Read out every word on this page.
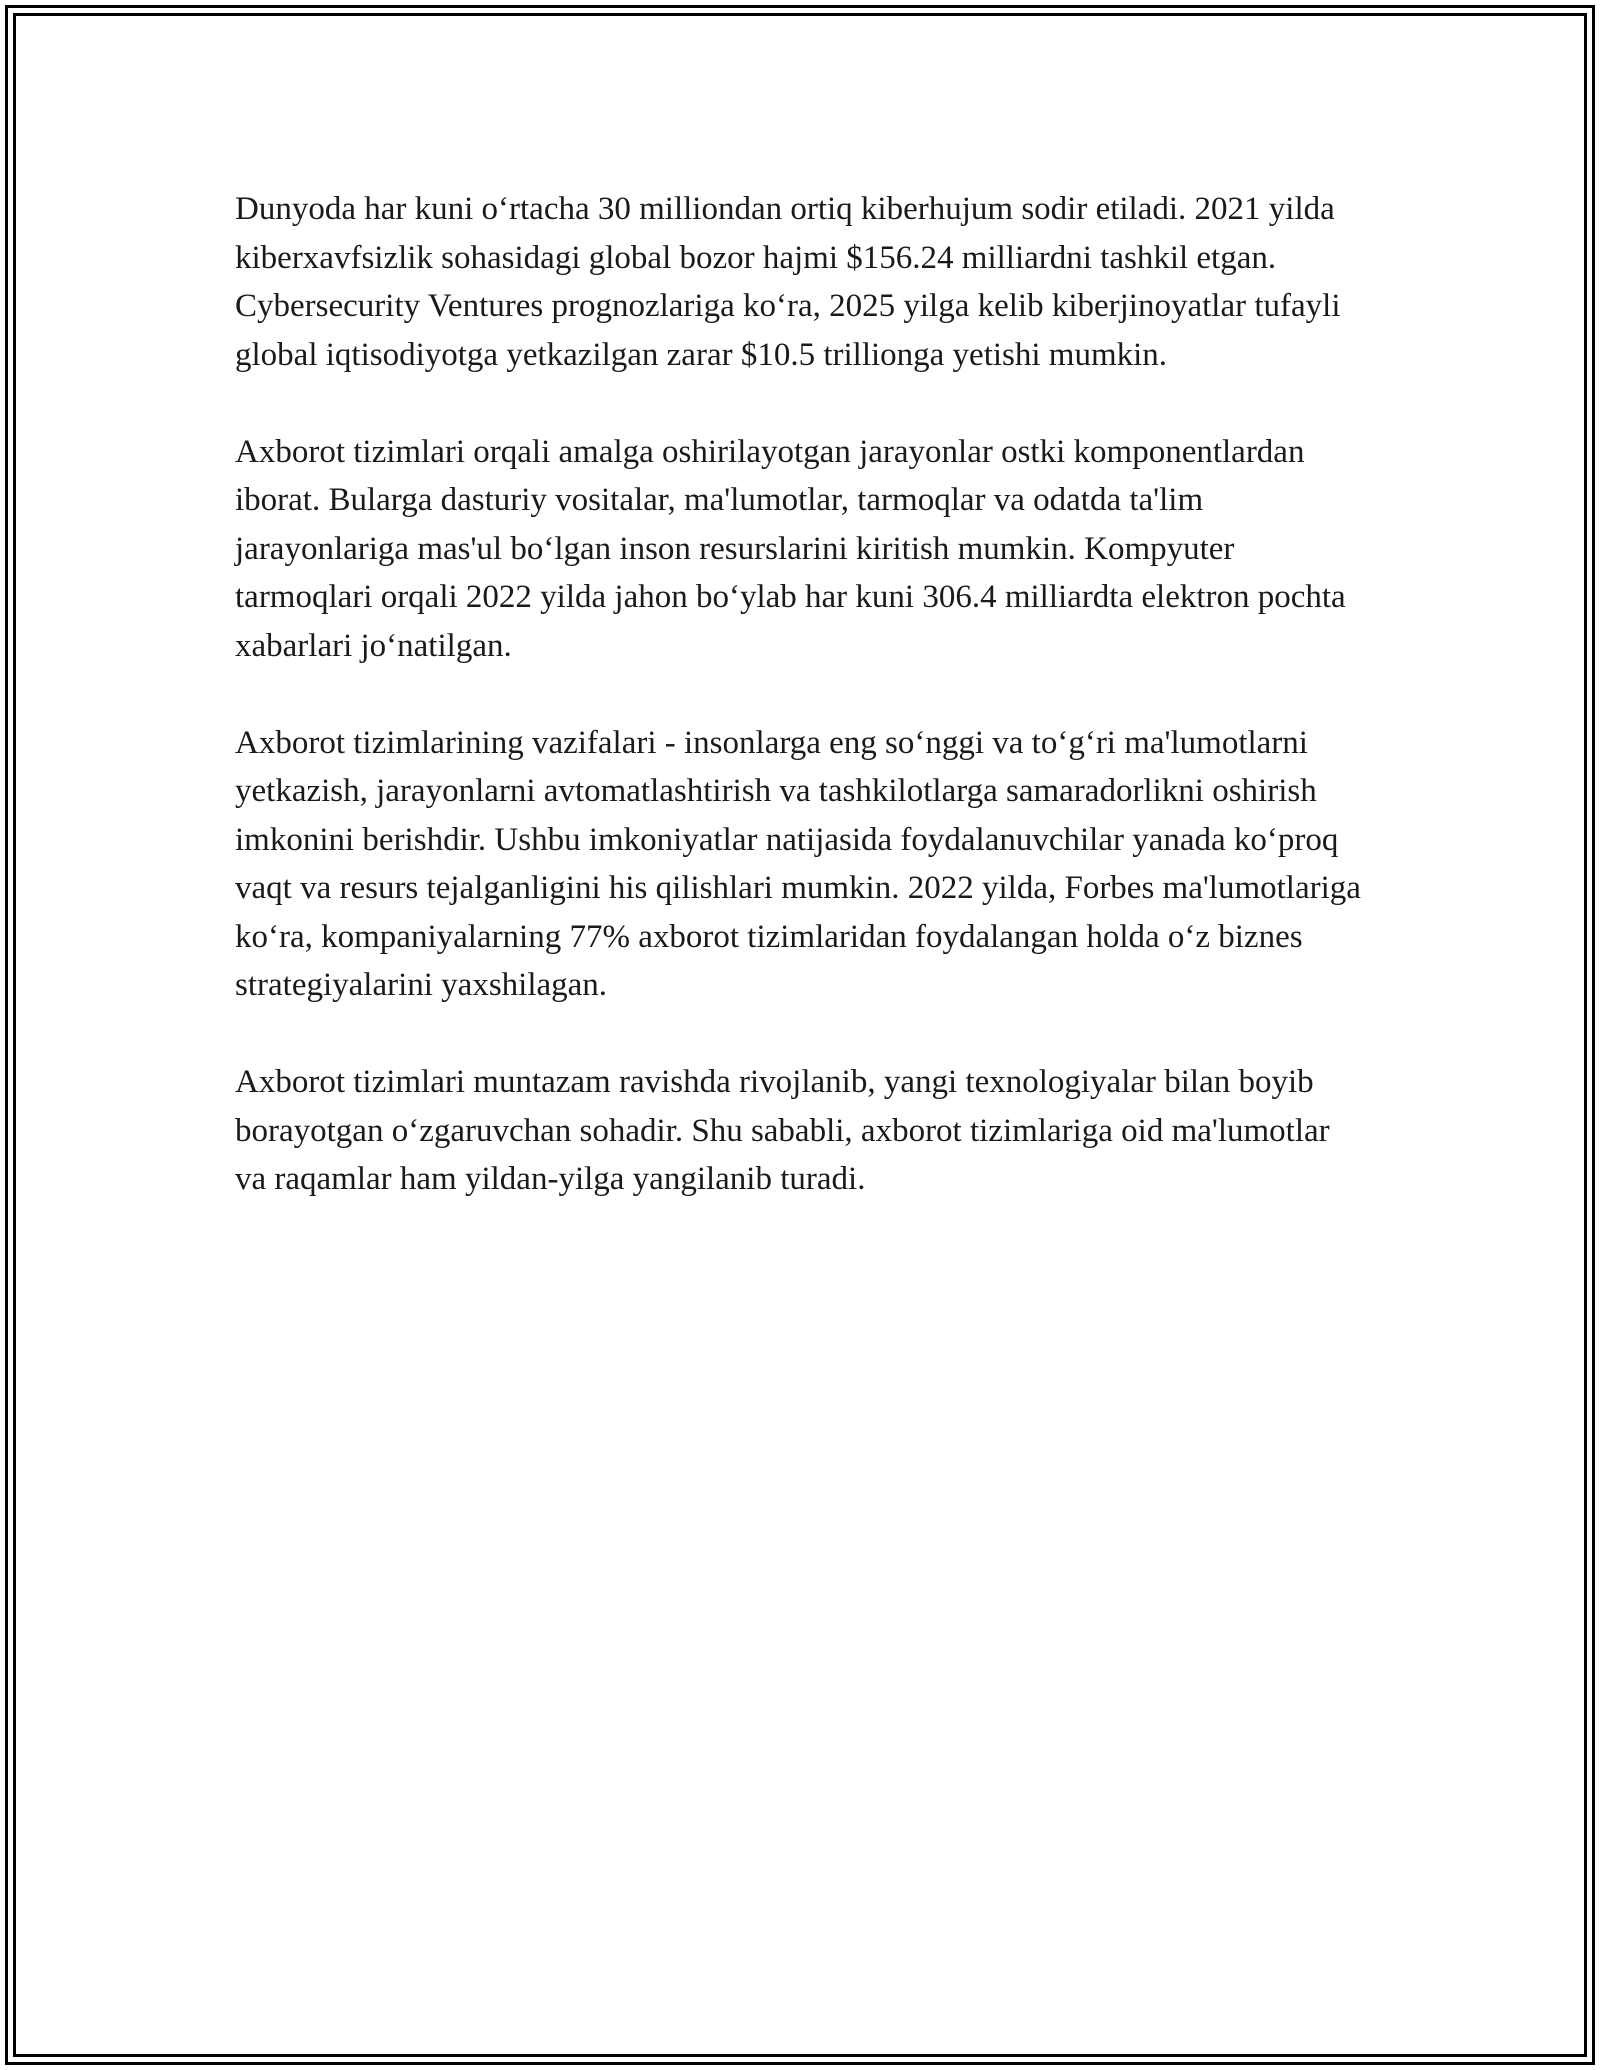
Dunyoda har kuni o‘rtacha 30 milliondan ortiq kiberhujum sodir etiladi. 2021 yilda kiberxavfsizlik sohasidagi global bozor hajmi $156.24 milliardni tashkil etgan. Cybersecurity Ventures prognozlariga ko‘ra, 2025 yilga kelib kiberjinoyatlar tufayli global iqtisodiyotga yetkazilgan zarar $10.5 trillionga yetishi mumkin.

Axborot tizimlari orqali amalga oshirilayotgan jarayonlar ostki komponentlardan iborat. Bularga dasturiy vositalar, ma'lumotlar, tarmoqlar va odatda ta'lim jarayonlariga mas'ul bo‘lgan inson resurslarini kiritish mumkin. Kompyuter tarmoqlari orqali 2022 yilda jahon bo‘ylab har kuni 306.4 milliardta elektron pochta xabarlari jo‘natilgan.

Axborot tizimlarining vazifalari - insonlarga eng so‘nggi va to‘g‘ri ma'lumotlarni yetkazish, jarayonlarni avtomatlashtirish va tashkilotlarga samaradorlikni oshirish imkonini berishdir. Ushbu imkoniyatlar natijasida foydalanuvchilar yanada ko‘proq vaqt va resurs tejalganligini his qilishlari mumkin. 2022 yilda, Forbes ma'lumotlariga ko‘ra, kompaniyalarning 77% axborot tizimlaridan foydalangan holda o‘z biznes strategiyalarini yaxshilagan.

Axborot tizimlari muntazam ravishda rivojlanib, yangi texnologiyalar bilan boyib borayotgan o‘zgaruvchan sohadir. Shu sababli, axborot tizimlariga oid ma'lumotlar va raqamlar ham yildan-yilga yangilanib turadi.
